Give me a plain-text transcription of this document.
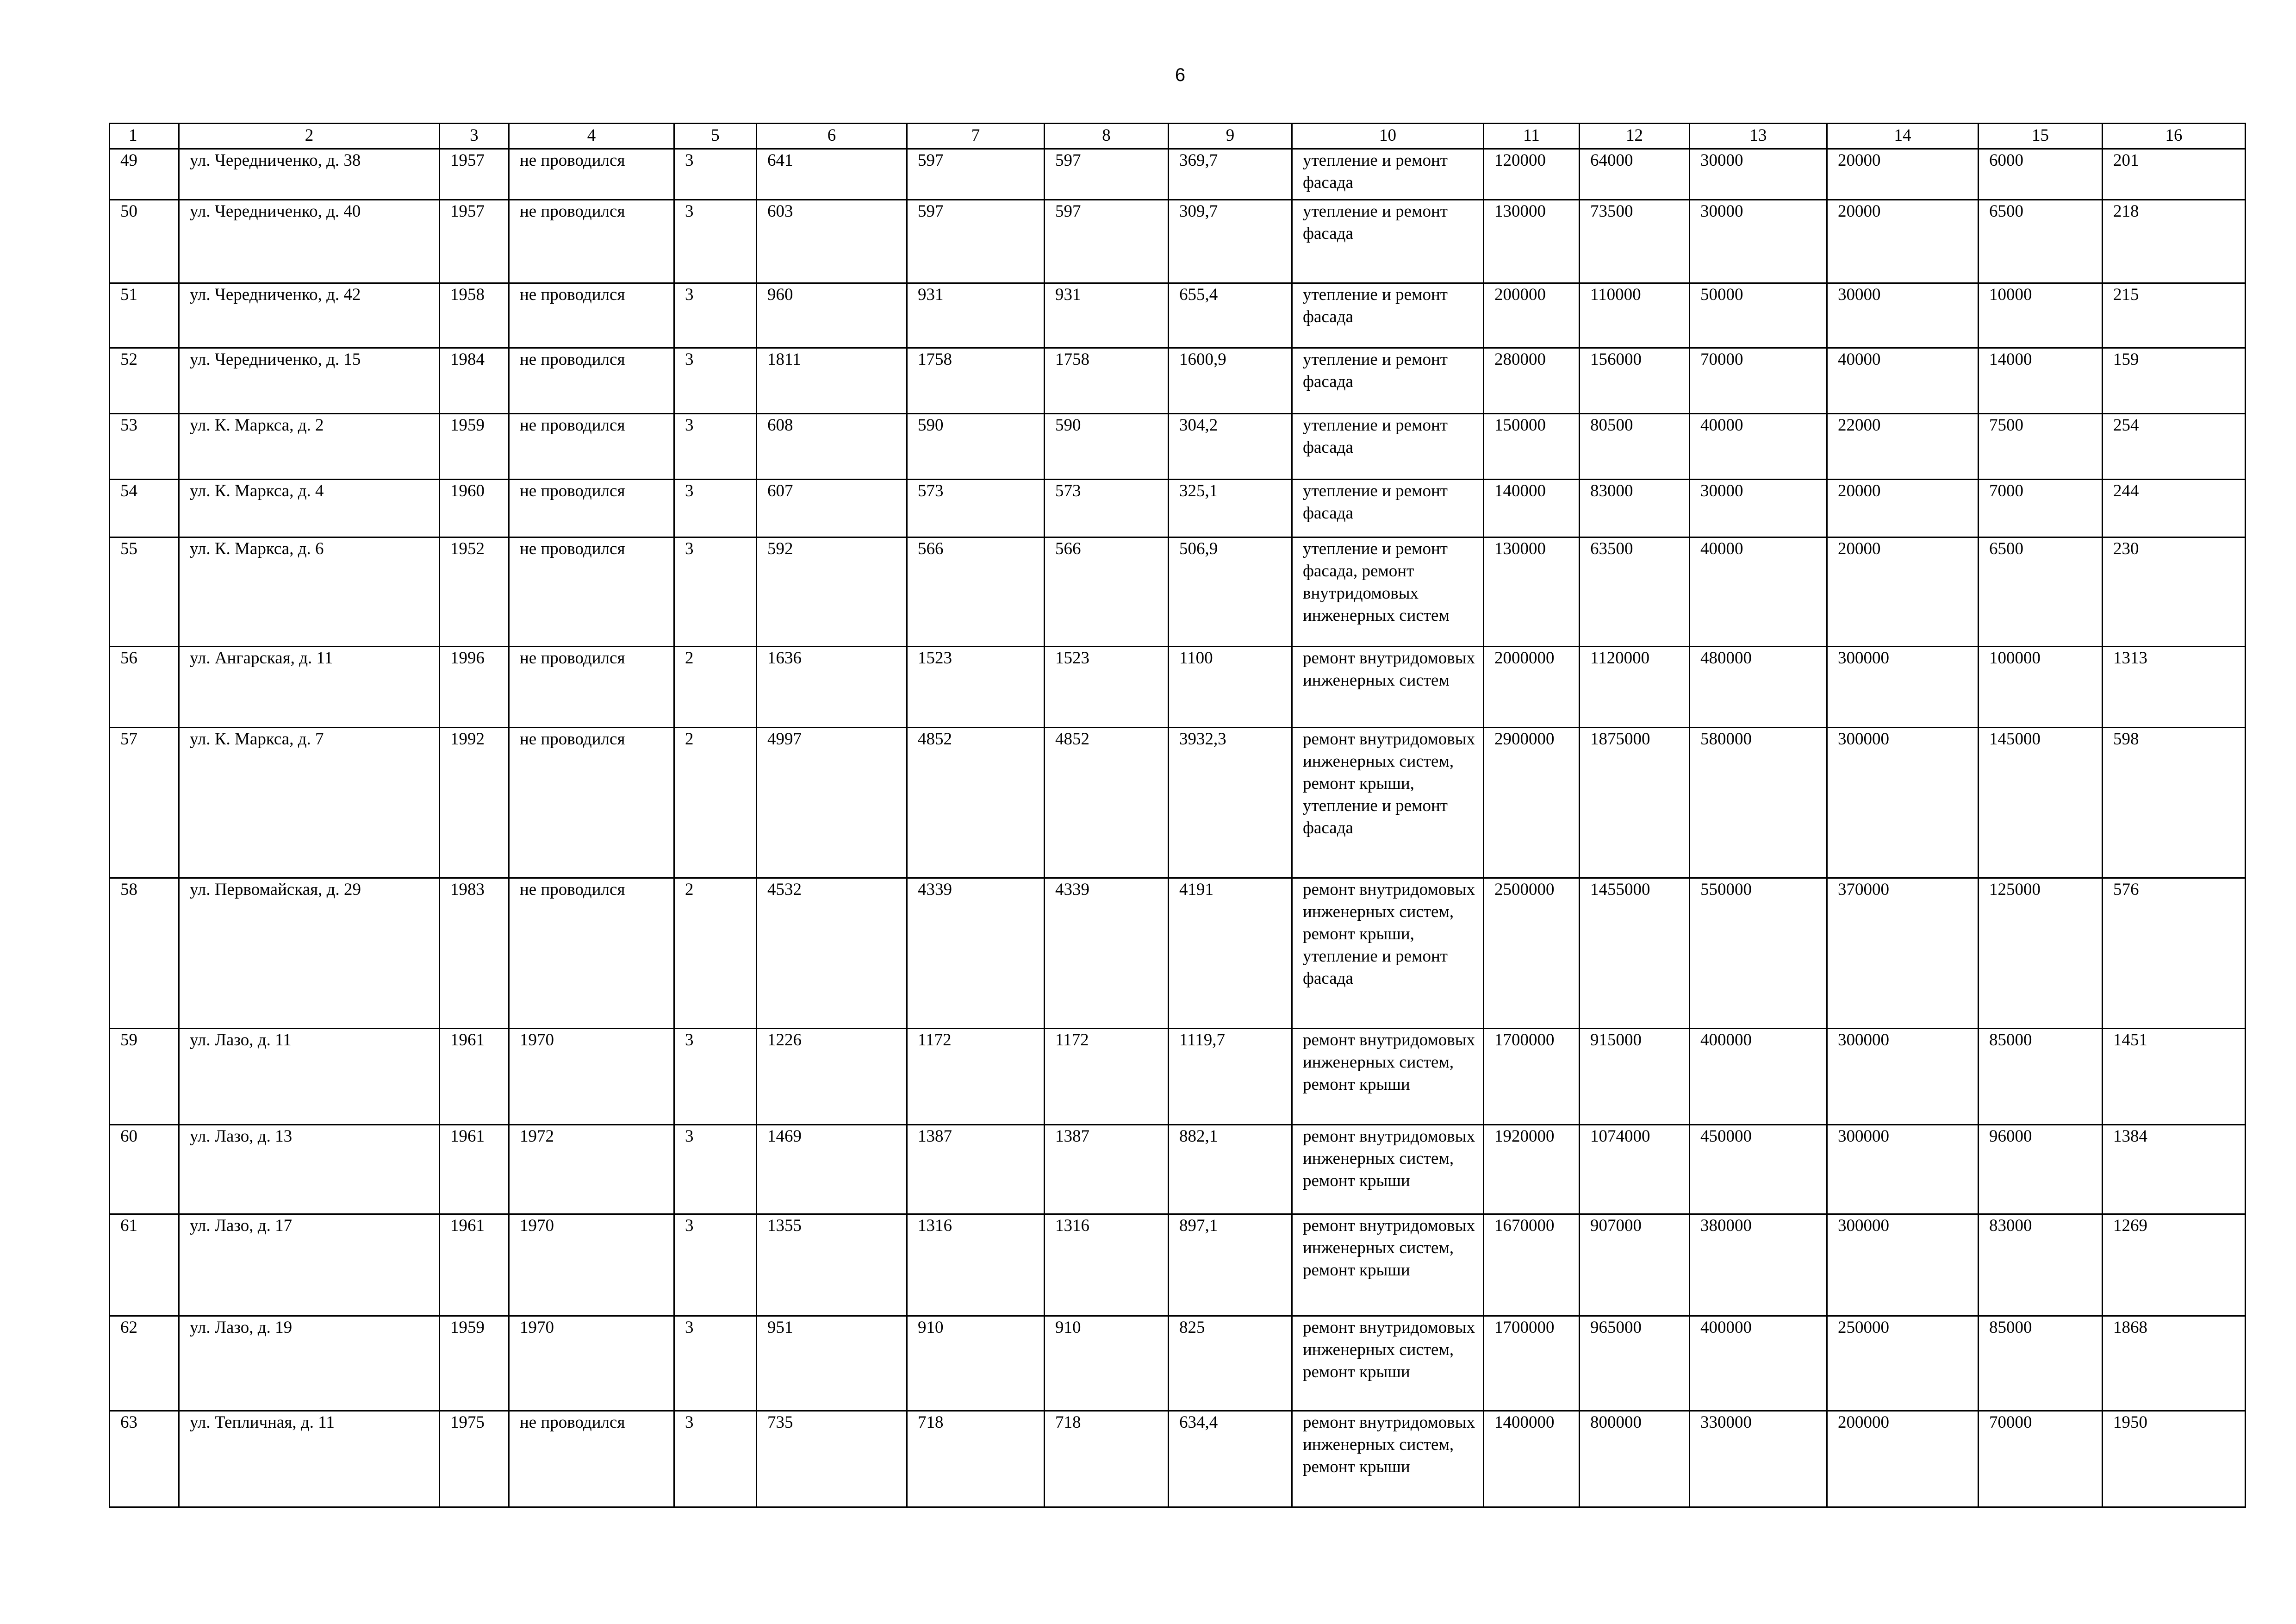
6
1	2	3	4	5	6	7	8	9	10	11	12	13	14	15	16
49	ул. Чередниченко, д. 38	1957	не проводился	3	641	597	597	369,7	утепление и ремонт фасада	120000	64000	30000	20000	6000	201
50	ул. Чередниченко, д. 40	1957	не проводился	3	603	597	597	309,7	утепление и ремонт фасада	130000	73500	30000	20000	6500	218
51	ул. Чередниченко, д. 42	1958	не проводился	3	960	931	931	655,4	утепление и ремонт фасада	200000	110000	50000	30000	10000	215
52	ул. Чередниченко, д. 15	1984	не проводился	3	1811	1758	1758	1600,9	утепление и ремонт фасада	280000	156000	70000	40000	14000	159
53	ул. К. Маркса, д. 2	1959	не проводился	3	608	590	590	304,2	утепление и ремонт фасада	150000	80500	40000	22000	7500	254
54	ул. К. Маркса, д. 4	1960	не проводился	3	607	573	573	325,1	утепление и ремонт фасада	140000	83000	30000	20000	7000	244
55	ул. К. Маркса, д. 6	1952	не проводился	3	592	566	566	506,9	утепление и ремонт фасада, ремонт внутридомовых инженерных систем	130000	63500	40000	20000	6500	230
56	ул. Ангарская, д. 11	1996	не проводился	2	1636	1523	1523	1100	ремонт внутридомовых инженерных систем	2000000	1120000	480000	300000	100000	1313
57	ул. К. Маркса, д. 7	1992	не проводился	2	4997	4852	4852	3932,3	ремонт внутридомовых инженерных систем, ремонт крыши, утепление и ремонт фасада	2900000	1875000	580000	300000	145000	598
58	ул. Первомайская, д. 29	1983	не проводился	2	4532	4339	4339	4191	ремонт внутридомовых инженерных систем, ремонт крыши, утепление и ремонт фасада	2500000	1455000	550000	370000	125000	576
59	ул. Лазо, д. 11	1961	1970	3	1226	1172	1172	1119,7	ремонт внутридомовых инженерных систем, ремонт крыши	1700000	915000	400000	300000	85000	1451
60	ул. Лазо, д. 13	1961	1972	3	1469	1387	1387	882,1	ремонт внутридомовых инженерных систем, ремонт крыши	1920000	1074000	450000	300000	96000	1384
61	ул. Лазо, д. 17	1961	1970	3	1355	1316	1316	897,1	ремонт внутридомовых инженерных систем, ремонт крыши	1670000	907000	380000	300000	83000	1269
62	ул. Лазо, д. 19	1959	1970	3	951	910	910	825	ремонт внутридомовых инженерных систем, ремонт крыши	1700000	965000	400000	250000	85000	1868
63	ул. Тепличная, д. 11	1975	не проводился	3	735	718	718	634,4	ремонт внутридомовых инженерных систем, ремонт крыши	1400000	800000	330000	200000	70000	1950
